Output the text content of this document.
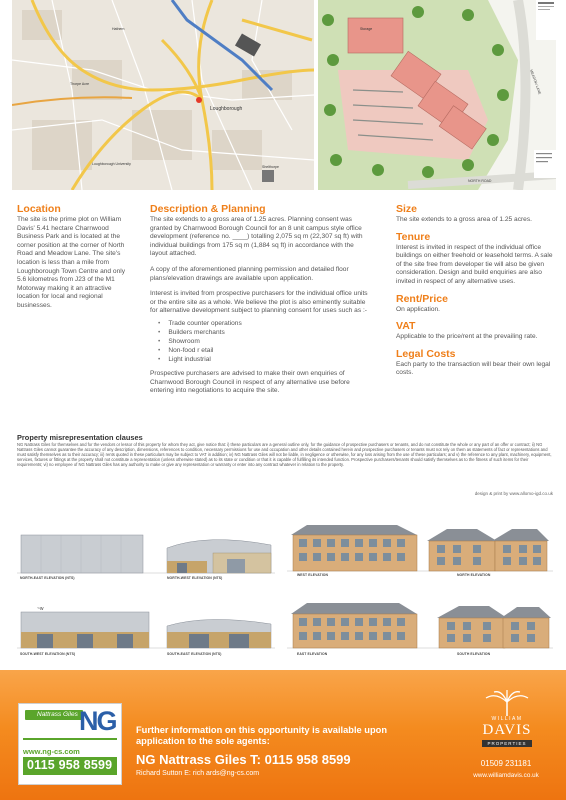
Loughborough
Loughborough University
Hathern
Thorpe Acre
Shelthorpe
MEADOW LANE
NORTH ROAD
Storage
Location

The site is the prime plot on William Davis' 5.41 hectare Charnwood Business Park and is located at the corner position at the corner of North Road and Meadow Lane. The site's location is less than a mile from Loughborough Town Centre and only 5.6 kilometres from J23 of the M1 Motorway making it an attractive location for local and regional businesses.

Description & Planning

The site extends to a gross area of 1.25 acres. Planning consent was granted by Charnwood Borough Council for an 8 unit campus style office development (reference no. ____) totalling 2,075 sq m (22,307 sq ft) with individual buildings from 175 sq m (1,884 sq ft) in accordance with the layout attached.

A copy of the aforementioned planning permission and detailed floor plans/elevation drawings are available upon application.

Interest is invited from prospective purchasers for the individual office units or the entire site as a whole. We believe the plot is also eminently suitable for alternative development subject to planning consent for uses such as :-

• Trade counter operations
• Builders merchants
• Showroom
• Non-food r etail
• Light industrial

Prospective purchasers are advised to make their own enquiries of Charnwood Borough Council in respect of any alternative use before entering into negotiations to acquire the site.

Size

The site extends to a gross area of 1.25 acres.

Tenure

Interest is invited in respect of the individual office buildings on either freehold or leasehold terms. A sale of the site free from developer tie will also be given consideration. Design and build enquiries are also invited in respect of any alternative uses.

Rent/Price

On application.

VAT

Applicable to the price/rent at the prevailing rate.

Legal Costs

Each party to the transaction will bear their own legal costs.

Property misrepresentation clauses
NG Nattrass Giles for themselves and for the vendors or lessor of this property for whom they act, give notice that: i) these particulars are a general outline only, for the guidance of prospective purchasers or tenants, and do not constitute the whole or any part of an offer or contract; ii) NG Nattrass Giles cannot guarantee the accuracy of any description, dimensions, references to condition, necessary permissions for use and occupation and other details contained herein and prospective purchasers or tenants must not rely on them as statements of fact or representations and must satisfy themselves as to their accuracy; iii) rents quoted in these particulars may be subject to VAT in addition; iv) NG Nattrass Giles will not be liable, in negligence or otherwise, for any loss arising from the use of these particulars; and v) the reference to any plant, machinery, equipment, services, fixtures or fittings at the property shall not constitute a representation (unless otherwise stated) as to its state or condition or that it is capable of fulfilling its intended function. Prospective purchasers/tenants should satisfy themselves as to the fitness of such items for their requirements; vi) no employee of NG Nattrass Giles has any authority to make or give any representation or warranty or enter into any contract whatever in relation to the property.
design & print by www.allomo-igd.co.uk
NORTH-EAST ELEVATION (NTS)	NORTH-WEST ELEVATION (NTS)
WEST ELEVATION	NORTH ELEVATION
~w
SOUTH-WEST ELEVATION (NTS)	SOUTH-EAST ELEVATION (NTS)	EAST ELEVATION	SOUTH ELEVATION
Nattrass Giles NG
www.ng-cs.com
0115 958 8599
Further information on this opportunity is available upon application to the sole agents:
NG Nattrass Giles T: 0115 958 8599
Richard Sutton E: rich ards@ng-cs.com
WILLIAM
DAVIS
PROPERTIES
01509 231181
www.williamdavis.co.uk
